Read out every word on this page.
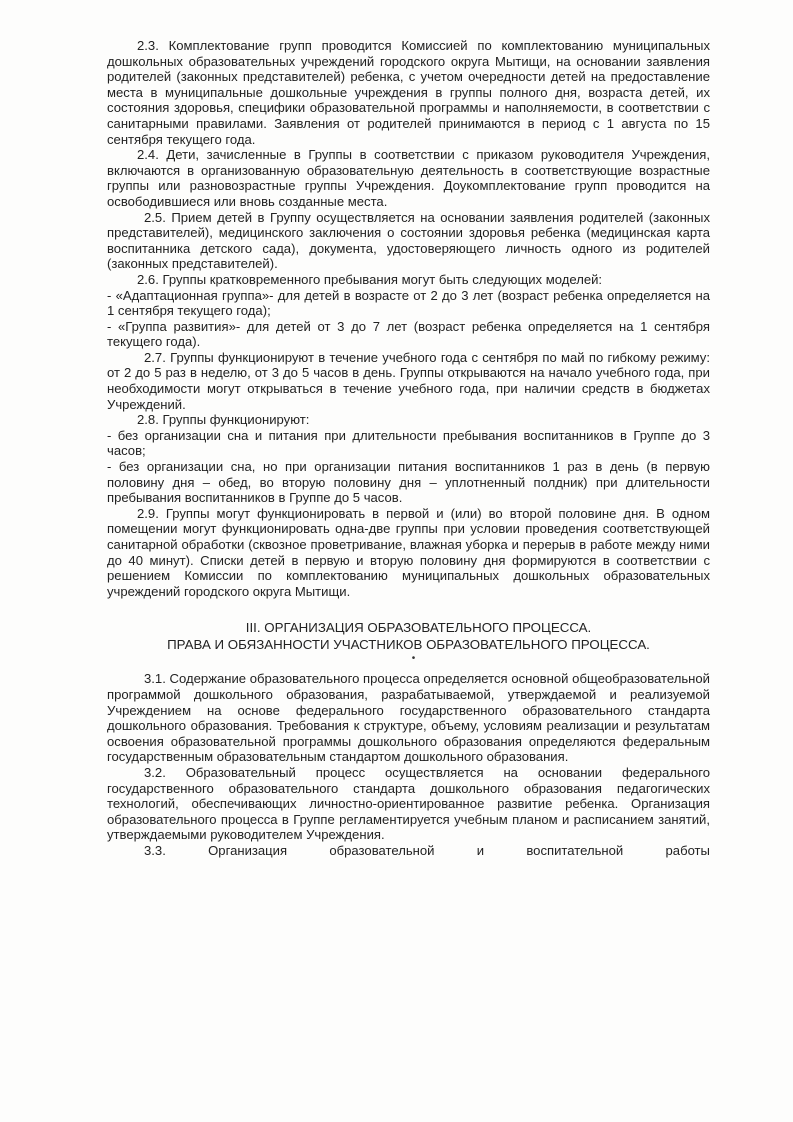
2.3. Комплектование групп проводится Комиссией по комплектованию муниципальных дошкольных образовательных учреждений городского округа Мытищи, на основании заявления родителей (законных представителей) ребенка, с учетом очередности детей на предоставление места в муниципальные дошкольные учреждения в группы полного дня, возраста детей, их состояния здоровья, специфики образовательной программы и наполняемости, в соответствии с санитарными правилами. Заявления от родителей принимаются в период с 1 августа по 15 сентября текущего года.

2.4. Дети, зачисленные в Группы в соответствии с приказом руководителя Учреждения, включаются в организованную образовательную деятельность в соответствующие возрастные группы или разновозрастные группы Учреждения. Доукомплектование групп проводится на освободившиеся или вновь созданные места.

2.5. Прием детей в Группу осуществляется на основании заявления родителей (законных представителей), медицинского заключения о состоянии здоровья ребенка (медицинская карта воспитанника детского сада), документа, удостоверяющего личность одного из родителей (законных представителей).

2.6. Группы кратковременного пребывания могут быть следующих моделей:

- «Адаптационная группа»- для детей в возрасте от 2 до 3 лет (возраст ребенка определяется на 1 сентября текущего года);

- «Группа развития»- для детей от 3 до 7 лет (возраст ребенка определяется на 1 сентября текущего года).

2.7. Группы функционируют в течение учебного года с сентября по май по гибкому режиму: от 2 до 5 раз в неделю, от 3 до 5 часов в день. Группы открываются на начало учебного года, при необходимости могут открываться в течение учебного года, при наличии средств в бюджетах Учреждений.

2.8. Группы функционируют:

- без организации сна и питания при длительности пребывания воспитанников в Группе до 3 часов;

- без организации сна, но при организации питания воспитанников 1 раз в день (в первую половину дня – обед, во вторую половину дня – уплотненный полдник) при длительности пребывания воспитанников в Группе до 5 часов.

2.9. Группы могут функционировать в первой и (или) во второй половине дня. В одном помещении могут функционировать одна-две группы при условии проведения соответствующей санитарной обработки (сквозное проветривание, влажная уборка и перерыв в работе между ними до 40 минут). Списки детей в первую и вторую половину дня формируются в соответствии с решением Комиссии по комплектованию муниципальных дошкольных образовательных учреждений городского округа Мытищи.

III. ОРГАНИЗАЦИЯ ОБРАЗОВАТЕЛЬНОГО ПРОЦЕССА.
ПРАВА И ОБЯЗАННОСТИ УЧАСТНИКОВ ОБРАЗОВАТЕЛЬНОГО ПРОЦЕССА.
•

3.1. Содержание образовательного процесса определяется основной общеобразовательной программой дошкольного образования, разрабатываемой, утверждаемой и реализуемой Учреждением на основе федерального государственного образовательного стандарта дошкольного образования. Требования к структуре, объему, условиям реализации и результатам освоения образовательной программы дошкольного образования определяются федеральным государственным образовательным стандартом дошкольного образования.

3.2. Образовательный процесс осуществляется на основании федерального государственного образовательного стандарта дошкольного образования педагогических технологий, обеспечивающих личностно-ориентированное развитие ребенка. Организация образовательного процесса в Группе регламентируется учебным планом и расписанием занятий, утверждаемыми руководителем Учреждения.

3.3.	Организация	образовательной	и	воспитательной	работы
